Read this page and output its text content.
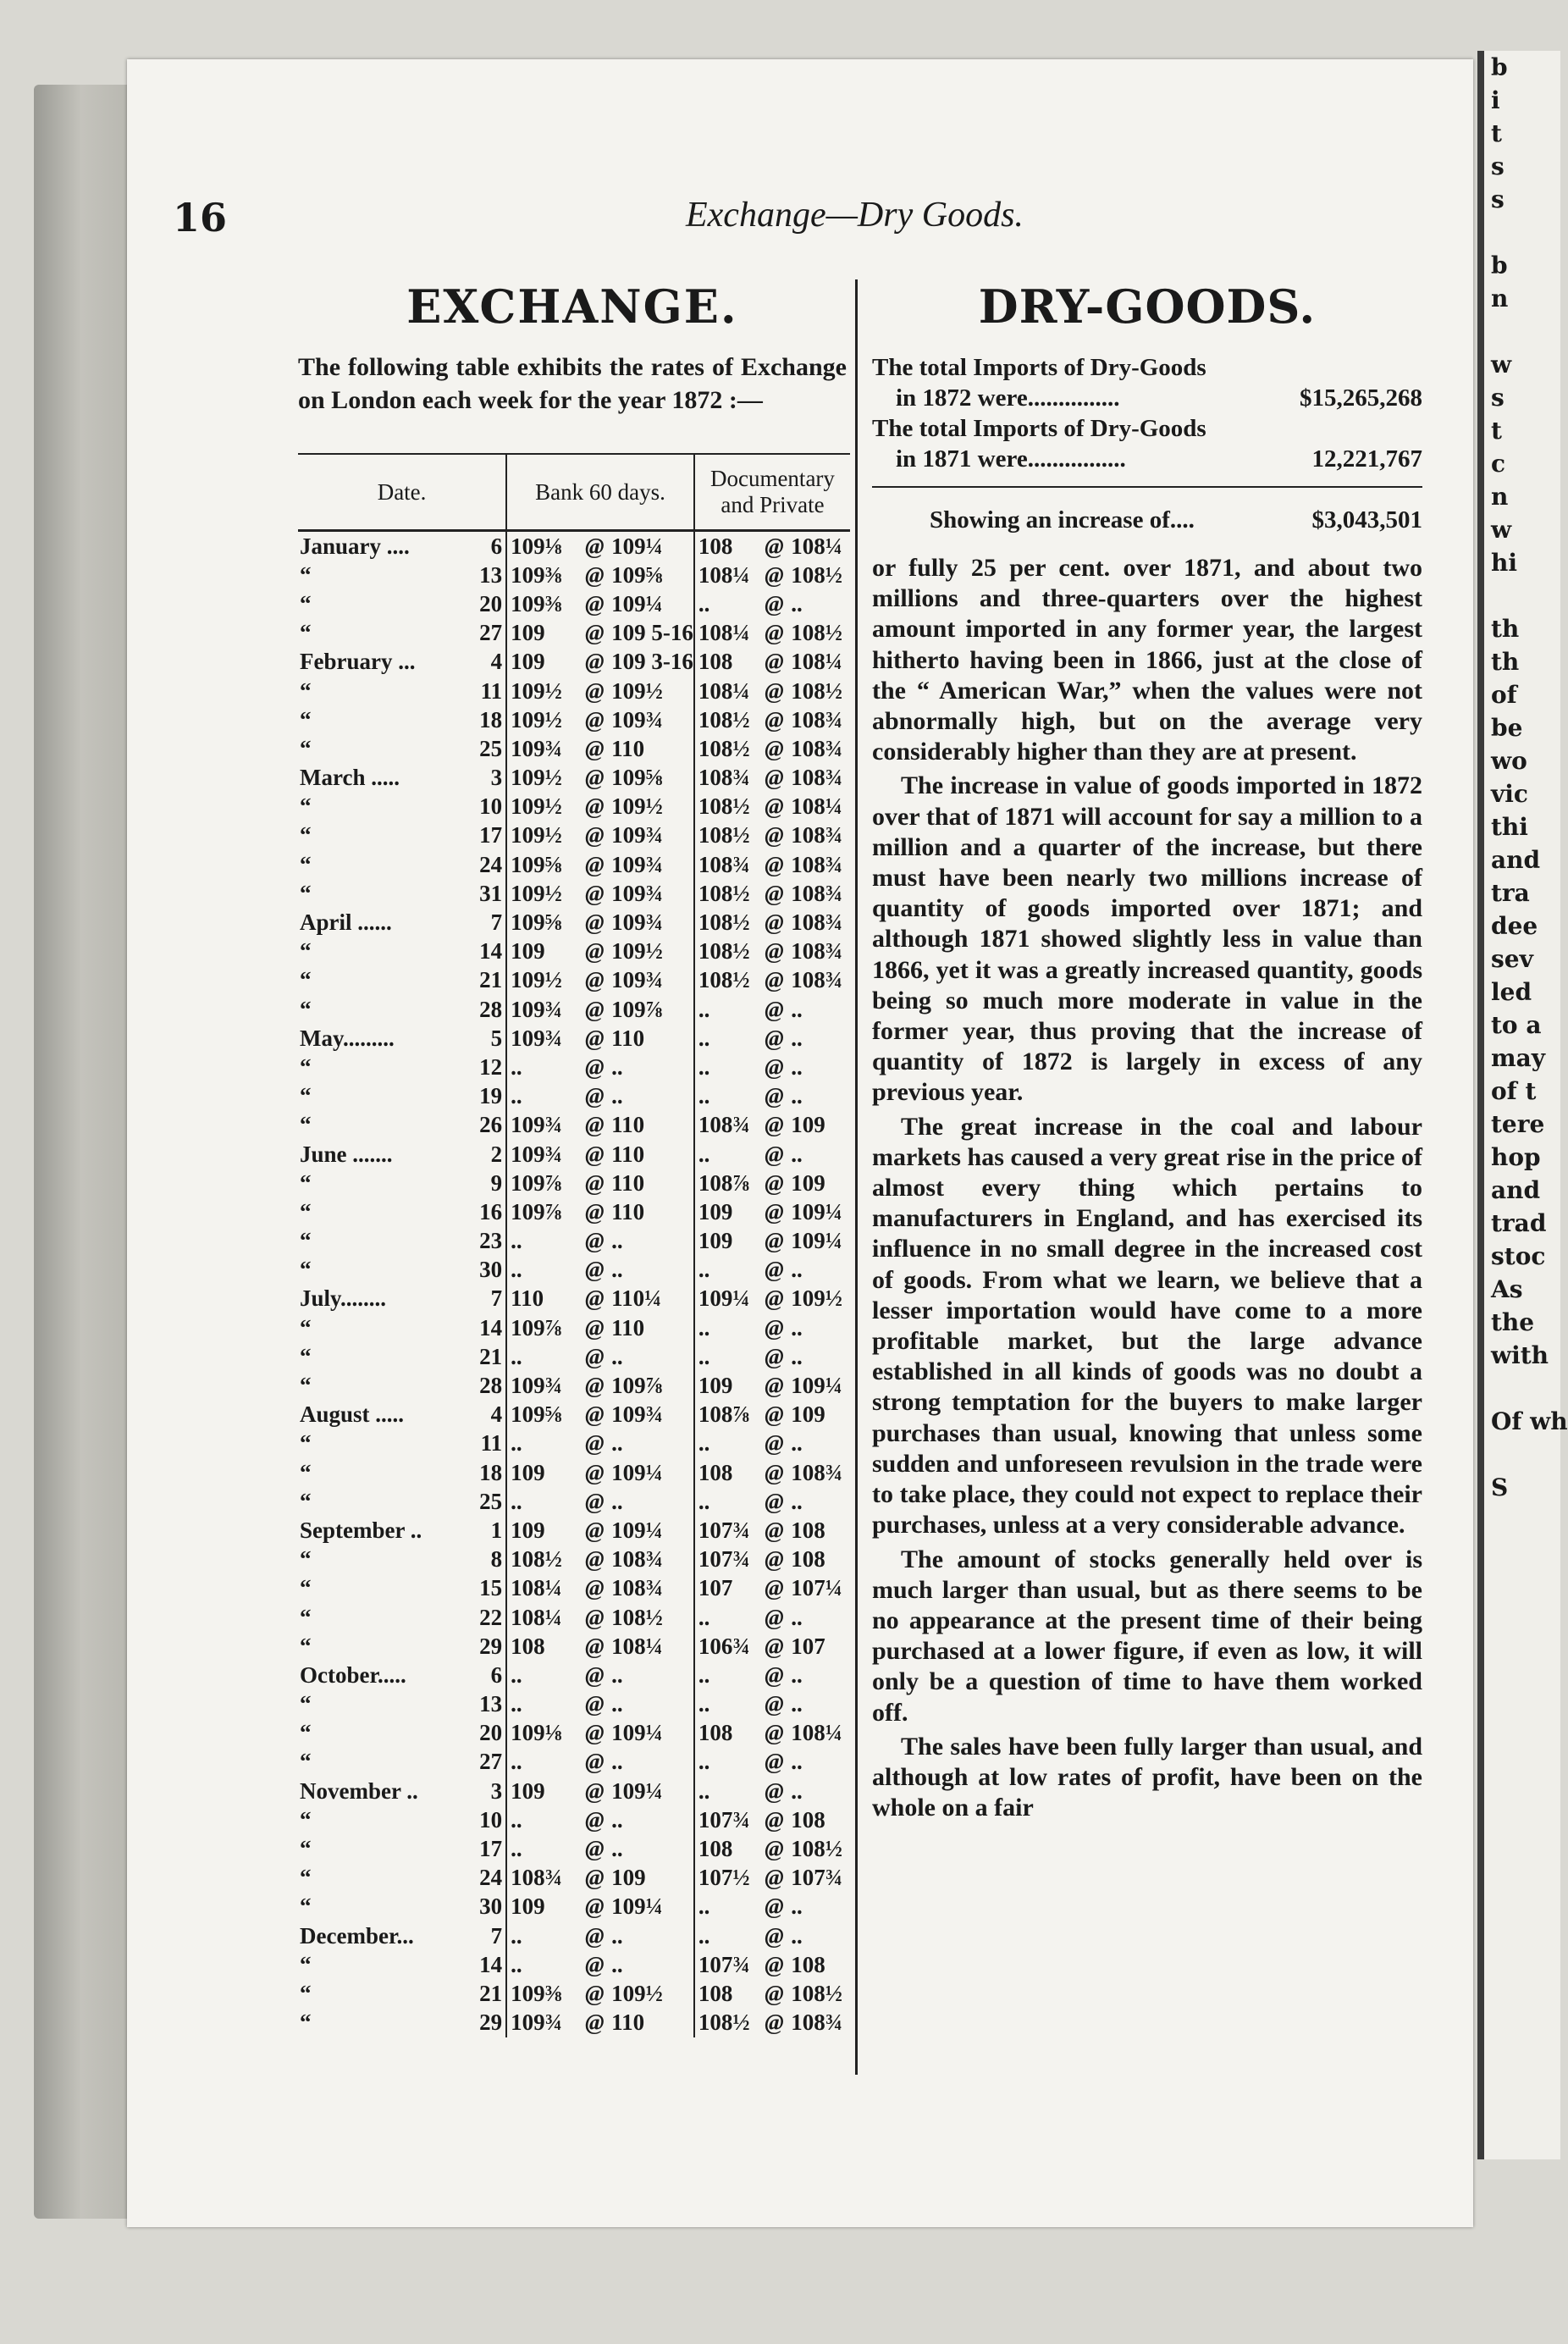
b
i
t
s
s
b
n
w
s
t
c
n
w
hi
th
th
of
be
wo
vic
thi
and
tra
dee
sev
led
to a
may
of t
tere
hop
and
trad
stoc
As
the
with
Of wh
S
16	Exchange—Dry Goods.
EXCHANGE.

The following table exhibits the rates of Exchange on London each week for the year 1872 :—

Date.		Bank 60 days.			Documentary and Private		
January ....	6	109⅛	@	109¼	108	@	108¼
“	13	109⅜	@	109⅝	108¼	@	108½
“	20	109⅜	@	109¼	..	@	..
“	27	109	@	109 5-16	108¼	@	108½
February ...	4	109	@	109 3-16	108	@	108¼
“	11	109½	@	109½	108¼	@	108½
“	18	109½	@	109¾	108½	@	108¾
“	25	109¾	@	110	108½	@	108¾
March .....	3	109½	@	109⅝	108¾	@	108¾
“	10	109½	@	109½	108½	@	108¼
“	17	109½	@	109¾	108½	@	108¾
“	24	109⅝	@	109¾	108¾	@	108¾
“	31	109½	@	109¾	108½	@	108¾
April ......	7	109⅝	@	109¾	108½	@	108¾
“	14	109	@	109½	108½	@	108¾
“	21	109½	@	109¾	108½	@	108¾
“	28	109¾	@	109⅞	..	@	..
May.........	5	109¾	@	110	..	@	..
“	12	..	@	..	..	@	..
“	19	..	@	..	..	@	..
“	26	109¾	@	110	108¾	@	109
June .......	2	109¾	@	110	..	@	..
“	9	109⅞	@	110	108⅞	@	109
“	16	109⅞	@	110	109	@	109¼
“	23	..	@	..	109	@	109¼
“	30	..	@	..	..	@	..
July........	7	110	@	110¼	109¼	@	109½
“	14	109⅞	@	110	..	@	..
“	21	..	@	..	..	@	..
“	28	109¾	@	109⅞	109	@	109¼
August .....	4	109⅝	@	109¾	108⅞	@	109
“	11	..	@	..	..	@	..
“	18	109	@	109¼	108	@	108¾
“	25	..	@	..	..	@	..
September ..	1	109	@	109¼	107¾	@	108
“	8	108½	@	108¾	107¾	@	108
“	15	108¼	@	108¾	107	@	107¼
“	22	108¼	@	108½	..	@	..
“	29	108	@	108¼	106¾	@	107
October.....	6	..	@	..	..	@	..
“	13	..	@	..	..	@	..
“	20	109⅛	@	109¼	108	@	108¼
“	27	..	@	..	..	@	..
November ..	3	109	@	109¼	..	@	..
“	10	..	@	..	107¾	@	108
“	17	..	@	..	108	@	108½
“	24	108¾	@	109	107½	@	107¾
“	30	109	@	109¼	..	@	..
December...	7	..	@	..	..	@	..
“	14	..	@	..	107¾	@	108
“	21	109⅜	@	109½	108	@	108½
“	29	109¾	@	110	108½	@	108¾
DRY-GOODS.
The total Imports of Dry-Goods
in 1872 were...............	$15,265,268
The total Imports of Dry-Goods
in 1871 were................	12,221,767
Showing an increase of....	$3,043,501

or fully 25 per cent. over 1871, and about two millions and three-quarters over the highest amount imported in any former year, the largest hitherto having been in 1866, just at the close of the “ American War,” when the values were not abnormally high, but on the average very considerably higher than they are at present.

The increase in value of goods imported in 1872 over that of 1871 will account for say a million to a million and a quarter of the increase, but there must have been nearly two millions increase of quantity of goods imported over 1871; and although 1871 showed slightly less in value than 1866, yet it was a greatly increased quantity, goods being so much more moderate in value in the former year, thus proving that the increase of quantity of 1872 is largely in excess of any previous year.

The great increase in the coal and labour markets has caused a very great rise in the price of almost every thing which pertains to manufacturers in England, and has exercised its influence in no small degree in the increased cost of goods. From what we learn, we believe that a lesser importation would have come to a more profitable market, but the large advance established in all kinds of goods was no doubt a strong temptation for the buyers to make larger purchases than usual, knowing that unless some sudden and unforeseen revulsion in the trade were to take place, they could not expect to replace their purchases, unless at a very considerable advance.

The amount of stocks generally held over is much larger than usual, but as there seems to be no appearance at the present time of their being purchased at a lower figure, if even as low, it will only be a question of time to have them worked off.

The sales have been fully larger than usual, and although at low rates of profit, have been on the whole on a fair
